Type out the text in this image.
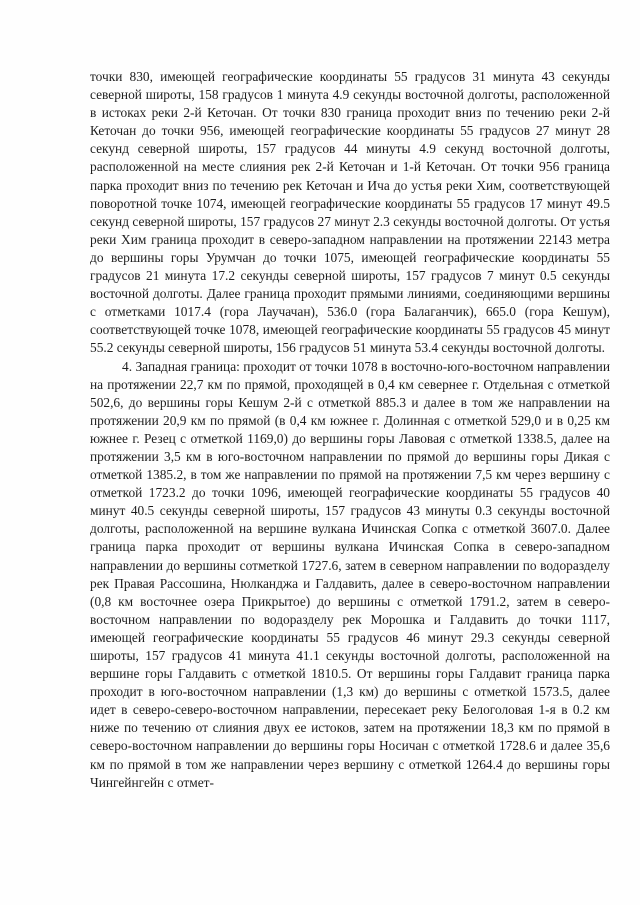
точки 830, имеющей географические координаты 55 градусов 31 минута 43 секунды северной широты, 158 градусов 1 минута 4.9 секунды восточной долготы, расположенной в истоках реки 2-й Кеточан. От точки 830 граница проходит вниз по течению реки 2-й Кеточан до точки 956, имеющей географические координаты 55 градусов 27 минут 28 секунд северной широты, 157 градусов 44 минуты 4.9 секунд восточной долготы, расположенной на месте слияния рек 2-й Кеточан и 1-й Кеточан. От точки 956 граница парка проходит вниз по течению рек Кеточан и Ича до устья реки Хим, соответствующей поворотной точке 1074, имеющей географические координаты 55 градусов 17 минут 49.5 секунд северной широты, 157 градусов 27 минут 2.3 секунды восточной долготы. От устья реки Хим граница проходит в северо-западном направлении на протяжении 22143 метра до вершины горы Урумчан до точки 1075, имеющей географические координаты 55 градусов 21 минута 17.2 секунды северной широты, 157 градусов 7 минут 0.5 секунды восточной долготы. Далее граница проходит прямыми линиями, соединяющими вершины с отметками 1017.4 (гора Лаучачан), 536.0 (гора Балаганчик), 665.0 (гора Кешум), соответствующей точке 1078, имеющей географические координаты 55 градусов 45 минут 55.2 секунды северной широты, 156 градусов 51 минута 53.4 секунды восточной долготы.

4. Западная граница: проходит от точки 1078 в восточно-юго-восточном направлении на протяжении 22,7 км по прямой, проходящей в 0,4 км севернее г. Отдельная с отметкой 502,6, до вершины горы Кешум 2-й с отметкой 885.3 и далее в том же направлении на протяжении 20,9 км по прямой (в 0,4 км южнее г. Долинная с отметкой 529,0 и в 0,25 км южнее г. Резец с отметкой 1169,0) до вершины горы Лавовая с отметкой 1338.5, далее на протяжении 3,5 км в юго-восточном направлении по прямой до вершины горы Дикая с отметкой 1385.2, в том же направлении по прямой на протяжении 7,5 км через вершину с отметкой 1723.2 до точки 1096, имеющей географические координаты 55 градусов 40 минут 40.5 секунды северной широты, 157 градусов 43 минуты 0.3 секунды восточной долготы, расположенной на вершине вулкана Ичинская Сопка с отметкой 3607.0. Далее граница парка проходит от вершины вулкана Ичинская Сопка в северо-западном направлении до вершины сотметкой 1727.6, затем в северном направлении по водоразделу рек Правая Рассошина, Нюлканджа и Галдавить, далее в северо-восточном направлении (0,8 км восточнее озера Прикрытое) до вершины с отметкой 1791.2, затем в северо-восточном направлении по водоразделу рек Морошка и Галдавить до точки 1117, имеющей географические координаты 55 градусов 46 минут 29.3 секунды северной широты, 157 градусов 41 минута 41.1 секунды восточной долготы, расположенной на вершине горы Галдавить с отметкой 1810.5. От вершины горы Галдавит граница парка проходит в юго-восточном направлении (1,3 км) до вершины с отметкой 1573.5, далее идет в северо-северо-восточном направлении, пересекает реку Белоголовая 1-я в 0.2 км ниже по течению от слияния двух ее истоков, затем на протяжении 18,3 км по прямой в северо-восточном направлении до вершины горы Носичан с отметкой 1728.6 и далее 35,6 км по прямой в том же направлении через вершину с отметкой 1264.4 до вершины горы Чингейнгейн с отмет-
